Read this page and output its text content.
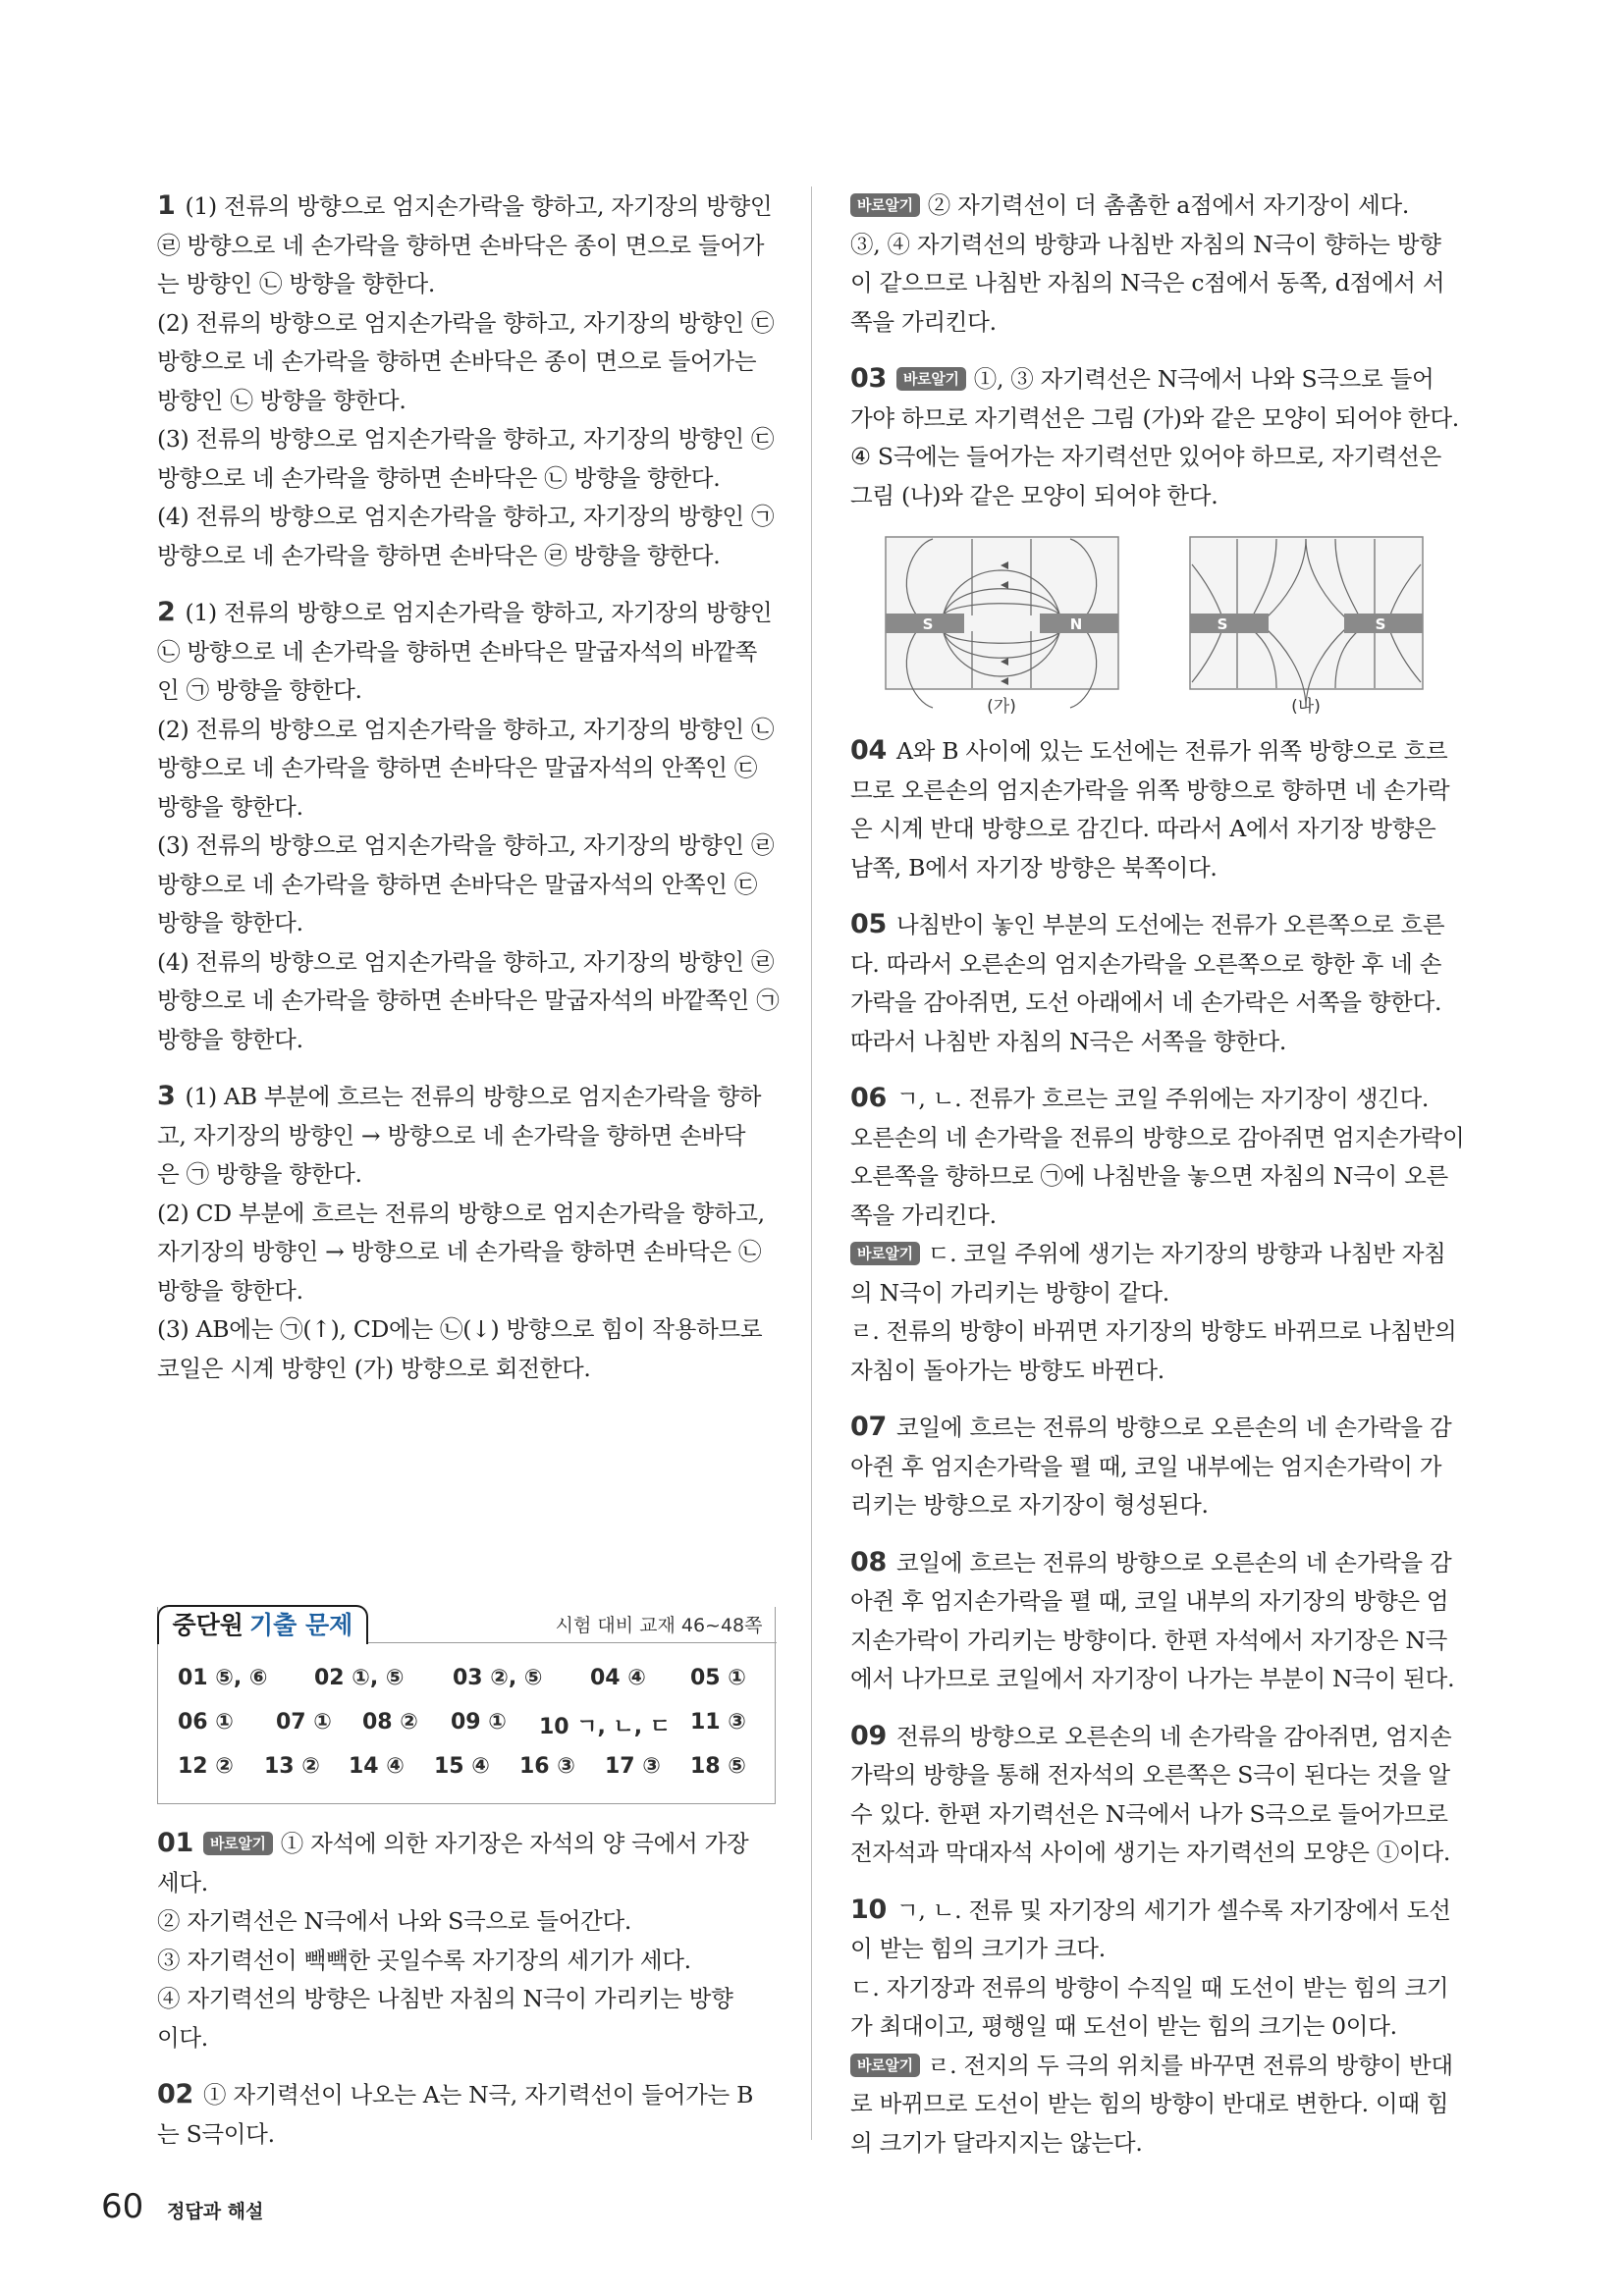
1 (1) 전류의 방향으로 엄지손가락을 향하고, 자기장의 방향인

㉣ 방향으로 네 손가락을 향하면 손바닥은 종이 면으로 들어가

는 방향인 ㉡ 방향을 향한다.

(2) 전류의 방향으로 엄지손가락을 향하고, 자기장의 방향인 ㉢

방향으로 네 손가락을 향하면 손바닥은 종이 면으로 들어가는

방향인 ㉡ 방향을 향한다.

(3) 전류의 방향으로 엄지손가락을 향하고, 자기장의 방향인 ㉢

방향으로 네 손가락을 향하면 손바닥은 ㉡ 방향을 향한다.

(4) 전류의 방향으로 엄지손가락을 향하고, 자기장의 방향인 ㉠

방향으로 네 손가락을 향하면 손바닥은 ㉣ 방향을 향한다.

2 (1) 전류의 방향으로 엄지손가락을 향하고, 자기장의 방향인

㉡ 방향으로 네 손가락을 향하면 손바닥은 말굽자석의 바깥쪽

인 ㉠ 방향을 향한다.

(2) 전류의 방향으로 엄지손가락을 향하고, 자기장의 방향인 ㉡

방향으로 네 손가락을 향하면 손바닥은 말굽자석의 안쪽인 ㉢

방향을 향한다.

(3) 전류의 방향으로 엄지손가락을 향하고, 자기장의 방향인 ㉣

방향으로 네 손가락을 향하면 손바닥은 말굽자석의 안쪽인 ㉢

방향을 향한다.

(4) 전류의 방향으로 엄지손가락을 향하고, 자기장의 방향인 ㉣

방향으로 네 손가락을 향하면 손바닥은 말굽자석의 바깥쪽인 ㉠

방향을 향한다.

3 (1) AB 부분에 흐르는 전류의 방향으로 엄지손가락을 향하

고, 자기장의 방향인 → 방향으로 네 손가락을 향하면 손바닥

은 ㉠ 방향을 향한다.

(2) CD 부분에 흐르는 전류의 방향으로 엄지손가락을 향하고,

자기장의 방향인 → 방향으로 네 손가락을 향하면 손바닥은 ㉡

방향을 향한다.

(3) AB에는 ㉠(↑), CD에는 ㉡(↓) 방향으로 힘이 작용하므로

코일은 시계 방향인 (가) 방향으로 회전한다.

중단원 기출 문제	시험 대비 교재 46~48쪽
01 ⑤, ⑥ 02 ①, ⑤ 03 ②, ⑤ 04 ④ 05 ①
06 ① 07 ① 08 ② 09 ① 10 ㄱ, ㄴ, ㄷ 11 ③
12 ② 13 ② 14 ④ 15 ④ 16 ③ 17 ③ 18 ⑤

01 바로알기 ① 자석에 의한 자기장은 자석의 양 극에서 가장

세다.

② 자기력선은 N극에서 나와 S극으로 들어간다.

③ 자기력선이 빽빽한 곳일수록 자기장의 세기가 세다.

④ 자기력선의 방향은 나침반 자침의 N극이 가리키는 방향

이다.

02 ① 자기력선이 나오는 A는 N극, 자기력선이 들어가는 B

는 S극이다.

바로알기 ② 자기력선이 더 촘촘한 a점에서 자기장이 세다.

③, ④ 자기력선의 방향과 나침반 자침의 N극이 향하는 방향

이 같으므로 나침반 자침의 N극은 c점에서 동쪽, d점에서 서

쪽을 가리킨다.

03 바로알기 ①, ③ 자기력선은 N극에서 나와 S극으로 들어

가야 하므로 자기력선은 그림 (가)와 같은 모양이 되어야 한다.

④ S극에는 들어가는 자기력선만 있어야 하므로, 자기력선은

그림 (나)와 같은 모양이 되어야 한다.

S	N	S	S
(가)	(나)

04 A와 B 사이에 있는 도선에는 전류가 위쪽 방향으로 흐르

므로 오른손의 엄지손가락을 위쪽 방향으로 향하면 네 손가락

은 시계 반대 방향으로 감긴다. 따라서 A에서 자기장 방향은

남쪽, B에서 자기장 방향은 북쪽이다.

05 나침반이 놓인 부분의 도선에는 전류가 오른쪽으로 흐른

다. 따라서 오른손의 엄지손가락을 오른쪽으로 향한 후 네 손

가락을 감아쥐면, 도선 아래에서 네 손가락은 서쪽을 향한다.

따라서 나침반 자침의 N극은 서쪽을 향한다.

06 ㄱ, ㄴ. 전류가 흐르는 코일 주위에는 자기장이 생긴다.

오른손의 네 손가락을 전류의 방향으로 감아쥐면 엄지손가락이

오른쪽을 향하므로 ㉠에 나침반을 놓으면 자침의 N극이 오른

쪽을 가리킨다.

바로알기 ㄷ. 코일 주위에 생기는 자기장의 방향과 나침반 자침

의 N극이 가리키는 방향이 같다.

ㄹ. 전류의 방향이 바뀌면 자기장의 방향도 바뀌므로 나침반의

자침이 돌아가는 방향도 바뀐다.

07 코일에 흐르는 전류의 방향으로 오른손의 네 손가락을 감

아쥔 후 엄지손가락을 펼 때, 코일 내부에는 엄지손가락이 가

리키는 방향으로 자기장이 형성된다.

08 코일에 흐르는 전류의 방향으로 오른손의 네 손가락을 감

아쥔 후 엄지손가락을 펼 때, 코일 내부의 자기장의 방향은 엄

지손가락이 가리키는 방향이다. 한편 자석에서 자기장은 N극

에서 나가므로 코일에서 자기장이 나가는 부분이 N극이 된다.

09 전류의 방향으로 오른손의 네 손가락을 감아쥐면, 엄지손

가락의 방향을 통해 전자석의 오른쪽은 S극이 된다는 것을 알

수 있다. 한편 자기력선은 N극에서 나가 S극으로 들어가므로

전자석과 막대자석 사이에 생기는 자기력선의 모양은 ①이다.

10 ㄱ, ㄴ. 전류 및 자기장의 세기가 셀수록 자기장에서 도선

이 받는 힘의 크기가 크다.

ㄷ. 자기장과 전류의 방향이 수직일 때 도선이 받는 힘의 크기

가 최대이고, 평행일 때 도선이 받는 힘의 크기는 0이다.

바로알기 ㄹ. 전지의 두 극의 위치를 바꾸면 전류의 방향이 반대

로 바뀌므로 도선이 받는 힘의 방향이 반대로 변한다. 이때 힘

의 크기가 달라지지는 않는다.

60 정답과 해설
